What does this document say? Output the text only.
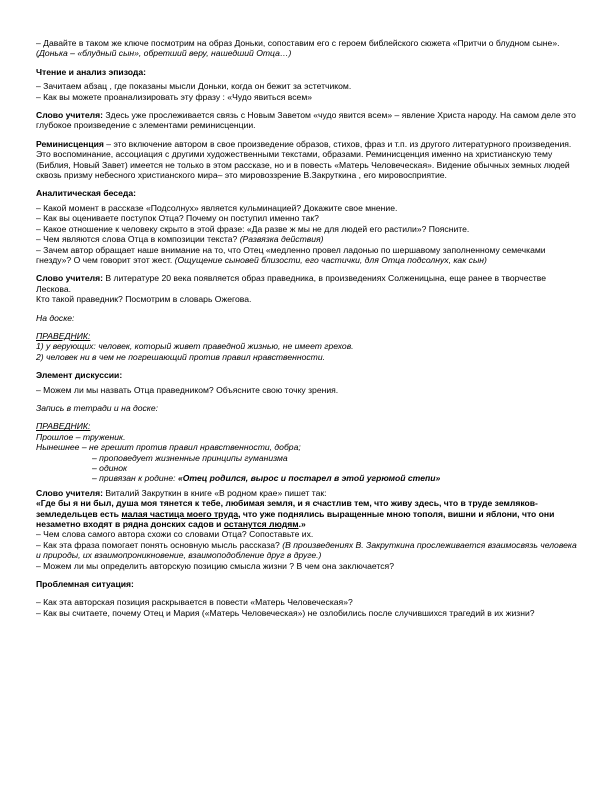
– Давайте в таком же ключе посмотрим на образ Доньки, сопоставим его с героем библейского сюжета «Притчи о блудном сыне». (Донька – «блудный сын», обретший веру, нашедший Отца…)

Чтение и анализ эпизода:

– Зачитаем абзац , где показаны мысли Доньки, когда он бежит за эстетчиком.

– Как вы можете проанализировать эту фразу : «Чудо явиться всем»

Слово учителя: Здесь уже прослеживается связь с Новым Заветом «чудо явится всем» – явление Христа народу. На самом деле это глубокое произведение с элементами реминисценции.

Реминисценция – это включение автором в свое произведение образов, стихов, фраз и т.п. из другого литературного произведения. Это воспоминание, ассоциация с другими художественными текстами, образами. Реминисценция именно на христианскую тему (Библия, Новый Завет) имеется не только в этом рассказе, но и в повесть «Матерь Человеческая». Видение обычных земных людей сквозь призму небесного христианского мира– это мировоззрение В.Закруткина , его мировосприятие.

Аналитическая беседа:

– Какой момент в рассказе «Подсолнух» является кульминацией? Докажите свое мнение.

– Как вы оцениваете поступок Отца? Почему он поступил именно так?

– Какое отношение к человеку скрыто в этой фразе: «Да разве ж мы не для людей его растили»? Поясните.

– Чем являются слова Отца в композиции текста? (Развязка действия)

– Зачем автор обращает наше внимание на то, что Отец «медленно провел ладонью по шершавому заполненному семечками гнезду»? О чем говорит этот жест. (Ощущение сыновей близости, его частички, для Отца подсолнух, как сын)

Слово учителя: В литературе 20 века появляется образ праведника, в произведениях Солженицына, еще ранее в творчестве Лескова.

Кто такой праведник? Посмотрим в словарь Ожегова.

На доске:

ПРАВЕДНИК:

1) у верующих: человек, который живет праведной жизнью, не имеет грехов.

2) человек ни в чем не погрешающий против правил нравственности.

Элемент дискуссии:

– Можем ли мы назвать Отца праведником? Объясните свою точку зрения.

Запись в тетради и на доске:

ПРАВЕДНИК:

Прошлое – труженик.

Нынешнее – не грешит против правил нравственности, добра;

– проповедует жизненные принципы гуманизма

– одинок

– привязан к родине: «Отец родился, вырос и постарел в этой угрюмой степи»

Слово учителя: Виталий Закруткин в книге «В родном крае» пишет так:

«Где бы я ни был, душа моя тянется к тебе, любимая земля, и я счастлив тем, что живу здесь, что в труде земляков-земледельцев есть малая частица моего труда, что уже поднялись выращенные мною тополя, вишни и яблони, что они незаметно входят в рядна донских садов и останутся людям.»

– Чем слова самого автора схожи со словами Отца? Сопоставьте их.

– Как эта фраза помогает понять основную мысль рассказа? (В произведениях В. Закруткина прослеживается взаимосвязь человека и природы, их взаимопроникновение, взаимоподобление друг в друге.)

– Можем ли мы определить авторскую позицию смысла жизни ? В чем она заключается?

Проблемная ситуация:

– Как эта авторская позиция раскрывается в повести «Матерь Человеческая»?

– Как вы считаете, почему Отец и Мария («Матерь Человеческая») не озлобились после случившихся трагедий в их жизни?
